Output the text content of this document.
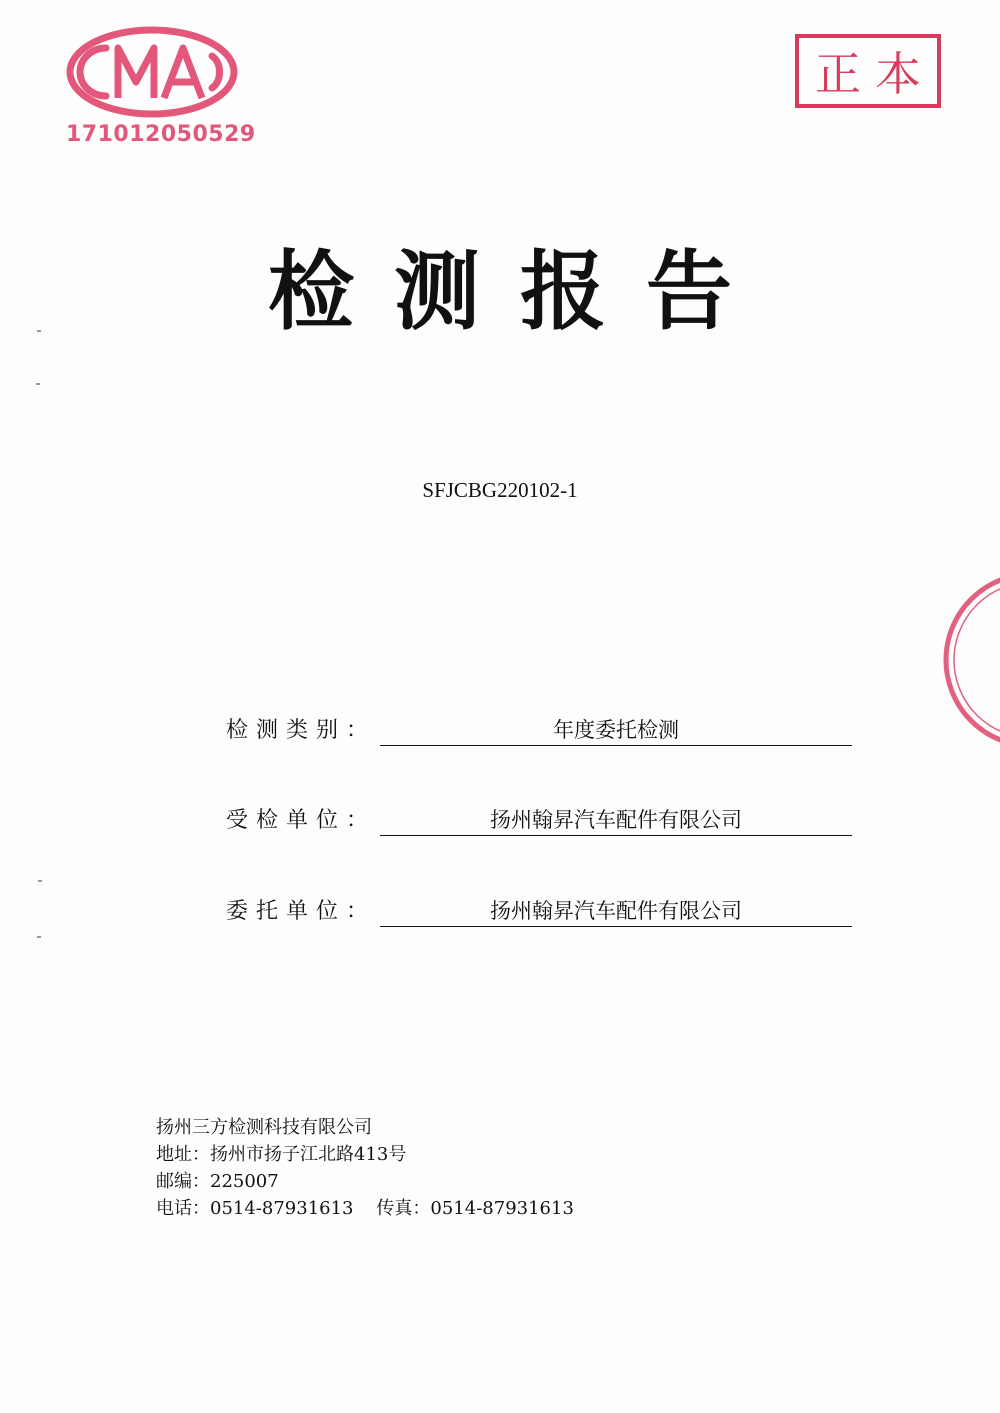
171012050529
正本
检测报告
SFJCBG220102-1
检测类别：	年度委托检测
受检单位：	扬州翰昇汽车配件有限公司
委托单位：	扬州翰昇汽车配件有限公司
扬州三方检测科技有限公司
地址：扬州市扬子江北路413号
邮编：225007
电话：0514-87931613    传真：0514-87931613
